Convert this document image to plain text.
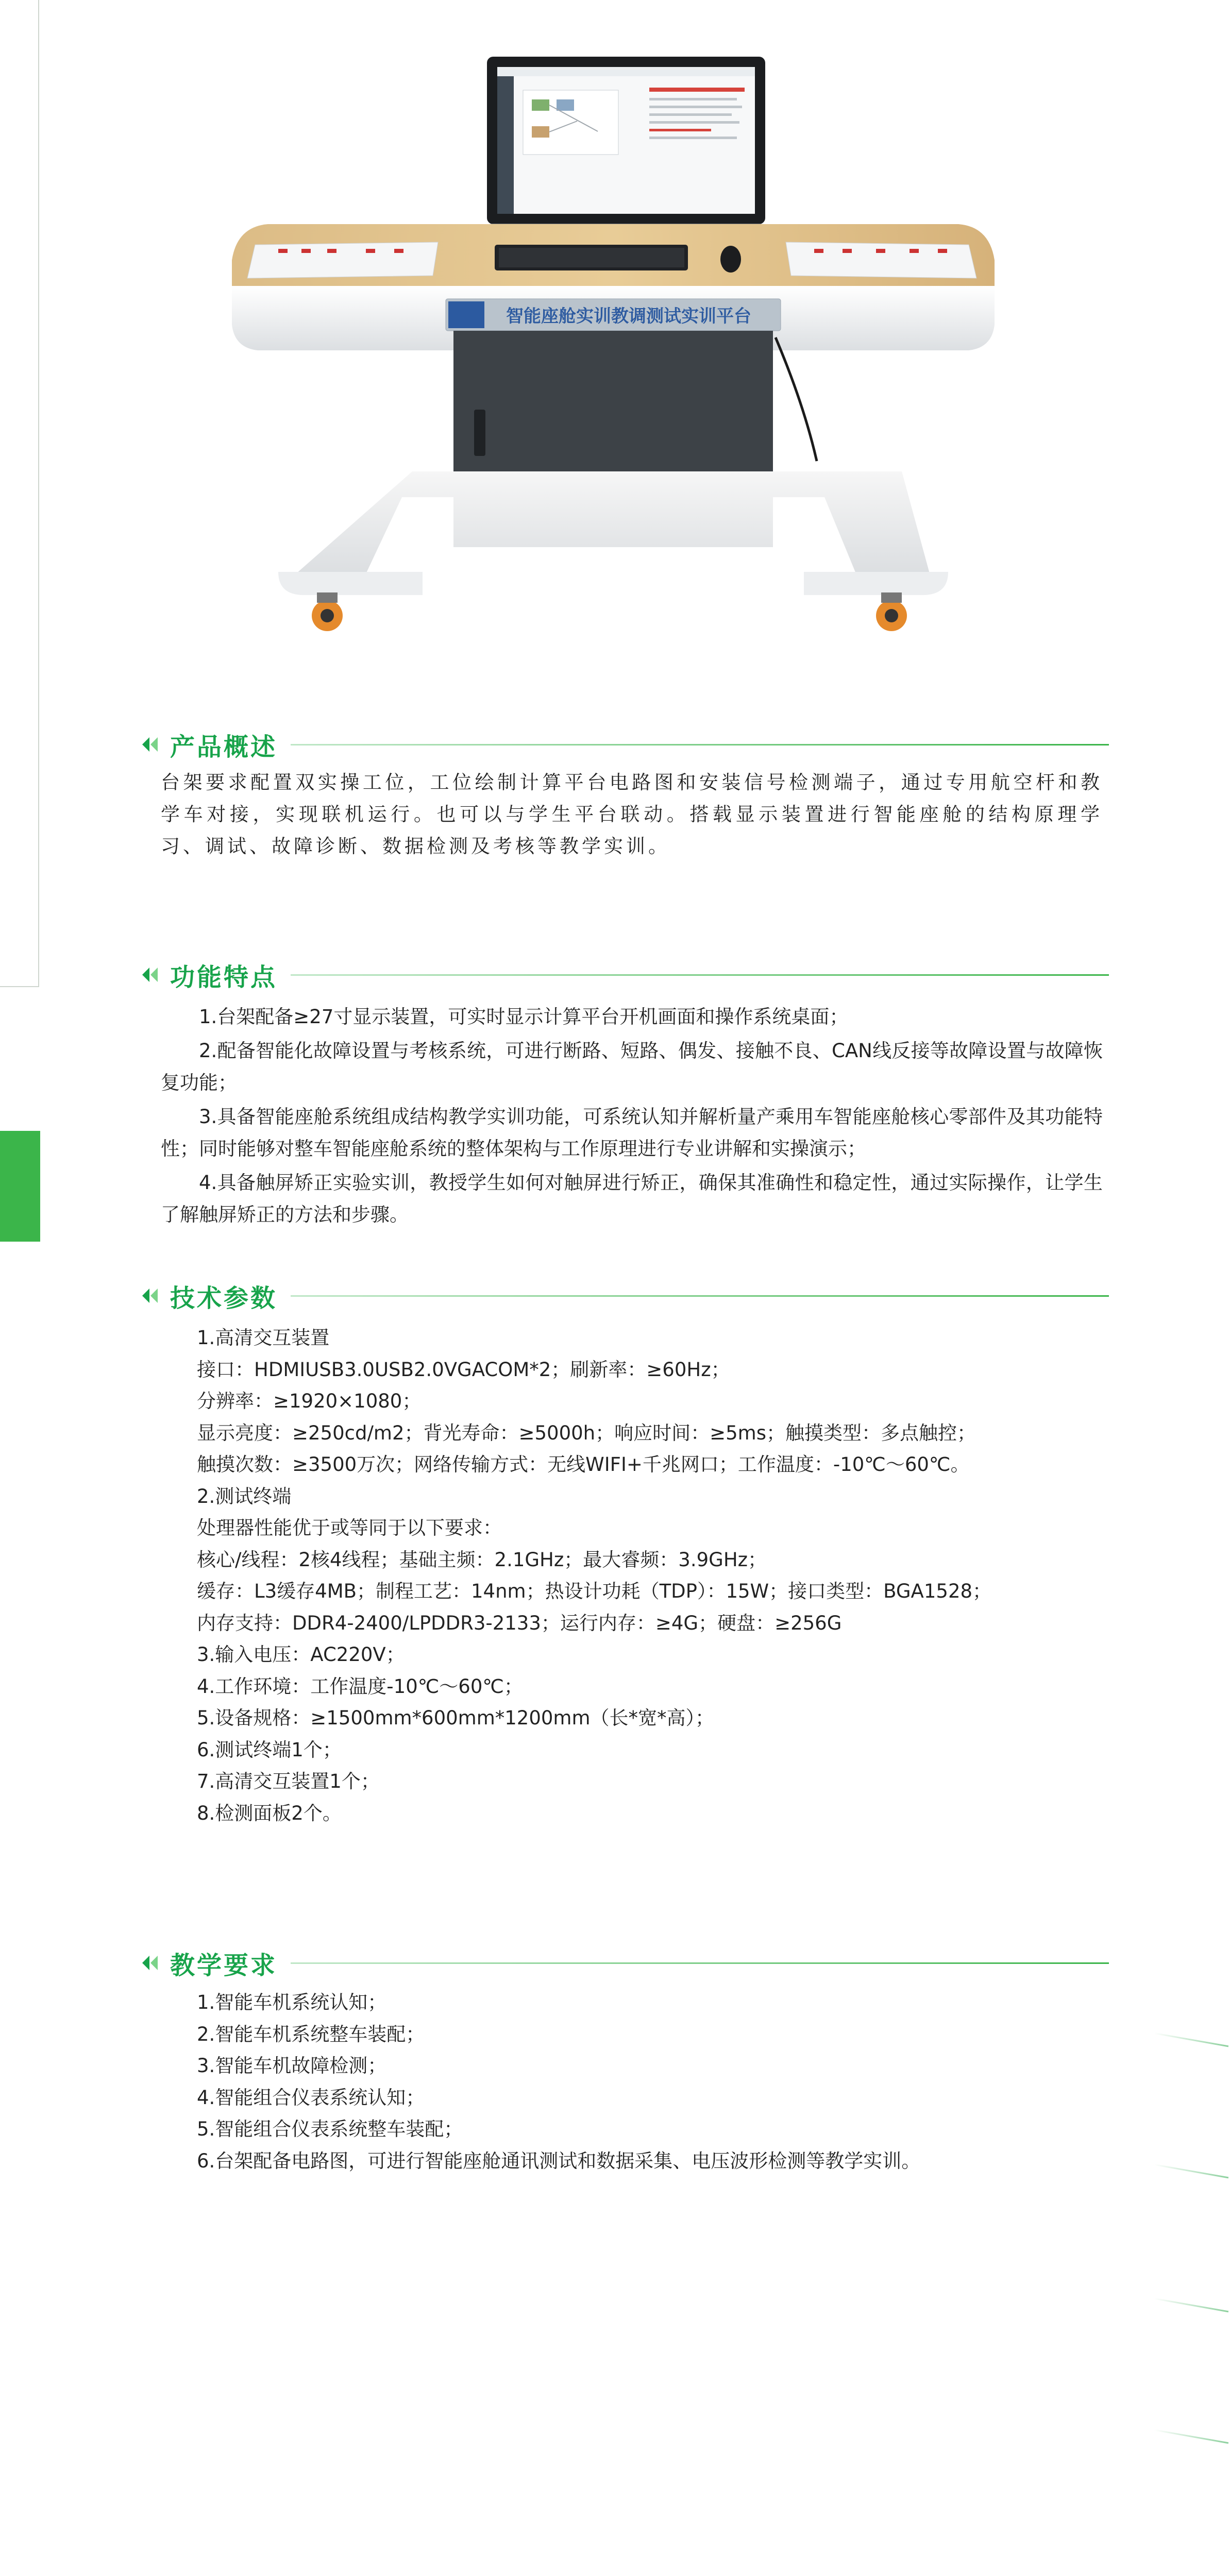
智能座舱实训教调测试实训平台
产品概述
台架要求配置双实操工位，工位绘制计算平台电路图和安装信号检测端子，通过专用航空杆和教学车对接，实现联机运行。也可以与学生平台联动。搭载显示装置进行智能座舱的结构原理学习、调试、故障诊断、数据检测及考核等教学实训。
功能特点

1.台架配备≥27寸显示装置，可实时显示计算平台开机画面和操作系统桌面；

2.配备智能化故障设置与考核系统，可进行断路、短路、偶发、接触不良、CAN线反接等故障设置与故障恢复功能；

3.具备智能座舱系统组成结构教学实训功能，可系统认知并解析量产乘用车智能座舱核心零部件及其功能特性；同时能够对整车智能座舱系统的整体架构与工作原理进行专业讲解和实操演示；

4.具备触屏矫正实验实训，教授学生如何对触屏进行矫正，确保其准确性和稳定性，通过实际操作，让学生了解触屏矫正的方法和步骤。

技术参数
1.高清交互装置
接口：HDMIUSB3.0USB2.0VGACOM*2；刷新率：≥60Hz；
分辨率：≥1920×1080；
显示亮度：≥250cd/m2；背光寿命：≥5000h；响应时间：≥5ms；触摸类型：多点触控；
触摸次数：≥3500万次；网络传输方式：无线WIFI+千兆网口；工作温度：-10℃～60℃。
2.测试终端
处理器性能优于或等同于以下要求：
核心/线程：2核4线程；基础主频：2.1GHz；最大睿频：3.9GHz；
缓存：L3缓存4MB；制程工艺：14nm；热设计功耗（TDP）：15W；接口类型：BGA1528；
内存支持：DDR4-2400/LPDDR3-2133；运行内存：≥4G；硬盘：≥256G
3.输入电压：AC220V；
4.工作环境：工作温度-10℃～60℃；
5.设备规格：≥1500mm*600mm*1200mm（长*宽*高）；
6.测试终端1个；
7.高清交互装置1个；
8.检测面板2个。
教学要求
1.智能车机系统认知；
2.智能车机系统整车装配；
3.智能车机故障检测；
4.智能组合仪表系统认知；
5.智能组合仪表系统整车装配；
6.台架配备电路图，可进行智能座舱通讯测试和数据采集、电压波形检测等教学实训。
